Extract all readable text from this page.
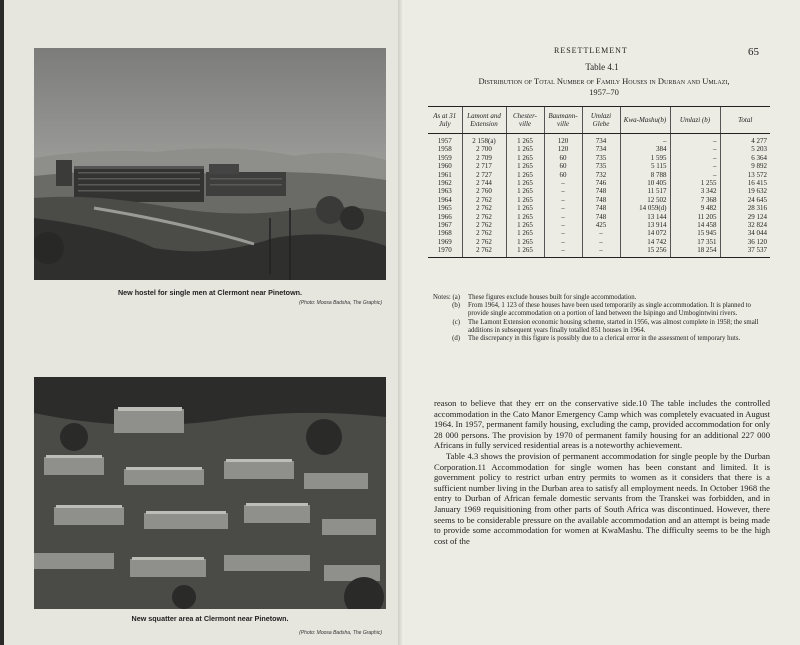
New hostel for single men at Clermont near Pinetown.
(Photo: Moosa Badsha, The Graphic)
New squatter area at Clermont near Pinetown.
(Photo: Moosa Badsha, The Graphic)
RESETTLEMENT	65
Table 4.1
Distribution of Total Number of Family Houses in Durban and Umlazi,
1957–70
As at 31 July	Lamont and Extension	Chester-ville	Baumann-ville	Umlazi Glebe	Kwa-Mashu(b)	Umlazi (b)	Total
1957	2 158(a)	1 265	120	734	–	–	4 277
1958	2 700	1 265	120	734	384	–	5 203
1959	2 709	1 265	60	735	1 595	–	6 364
1960	2 717	1 265	60	735	5 115	–	9 892
1961	2 727	1 265	60	732	8 788	–	13 572
1962	2 744	1 265	–	746	10 405	1 255	16 415
1963	2 760	1 265	–	748	11 517	3 342	19 632
1964	2 762	1 265	–	748	12 502	7 368	24 645
1965	2 762	1 265	–	748	14 059(d)	9 482	28 316
1966	2 762	1 265	–	748	13 144	11 205	29 124
1967	2 762	1 265	–	425	13 914	14 458	32 824
1968	2 762	1 265	–	–	14 072	15 945	34 044
1969	2 762	1 265	–	–	14 742	17 351	36 120
1970	2 762	1 265	–	–	15 256	18 254	37 537

Notes: (a) These figures exclude houses built for single accommodation.

(b) From 1964, 1 123 of these houses have been used temporarily as single accommodation. It is planned to provide single accommodation on a portion of land between the Isipingo and Umbogintwini rivers.

(c) The Lamont Extension economic housing scheme, started in 1956, was almost complete in 1958; the small additions in subsequent years finally totalled 851 houses in 1964.

(d) The discrepancy in this figure is possibly due to a clerical error in the assessment of temporary huts.

reason to believe that they err on the conservative side.10 The table includes the controlled accommodation in the Cato Manor Emergency Camp which was completely evacuated in August 1964. In 1957, permanent family housing, excluding the camp, provided accommodation for only 28 000 persons. The provision by 1970 of permanent family housing for an additional 227 000 Africans in fully serviced residential areas is a noteworthy achievement.

Table 4.3 shows the provision of permanent accommodation for single people by the Durban Corporation.11 Accommodation for single women has been constant and limited. It is government policy to restrict urban entry permits to women as it considers that there is a sufficient number living in the Durban area to satisfy all employment needs. In October 1968 the entry to Durban of African female domestic servants from the Transkei was forbidden, and in January 1969 requisitioning from other parts of South Africa was discontinued. However, there seems to be considerable pressure on the available accommodation and an attempt is being made to provide some accommodation for women at KwaMashu. The difficulty seems to be the high cost of the
